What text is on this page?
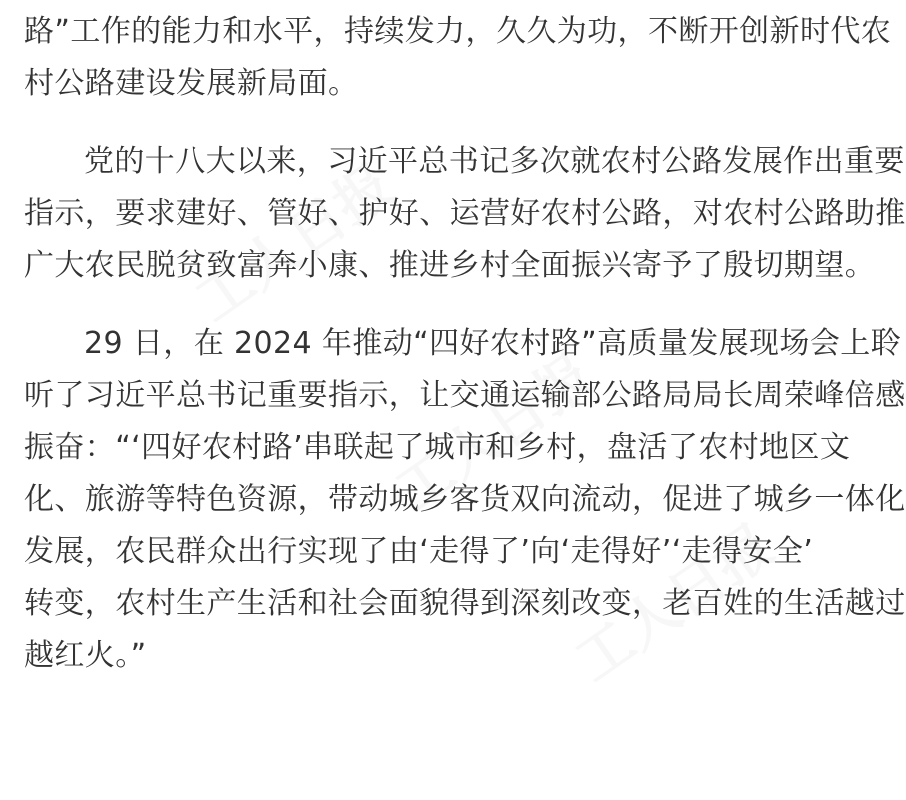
工人日报
工人日报
工人日报
路”工作的能力和水平，持续发力，久久为功，不断开创新时代农
村公路建设发展新局面。
党的十八大以来，习近平总书记多次就农村公路发展作出重要
指示，要求建好、管好、护好、运营好农村公路，对农村公路助推
广大农民脱贫致富奔小康、推进乡村全面振兴寄予了殷切期望。
29 日，在 2024 年推动“四好农村路”高质量发展现场会上聆
听了习近平总书记重要指示，让交通运输部公路局局长周荣峰倍感
振奋：“‘四好农村路’串联起了城市和乡村，盘活了农村地区文
化、旅游等特色资源，带动城乡客货双向流动，促进了城乡一体化
发展，农民群众出行实现了由‘走得了’向‘走得好’‘走得安全’
转变，农村生产生活和社会面貌得到深刻改变，老百姓的生活越过
越红火。”
